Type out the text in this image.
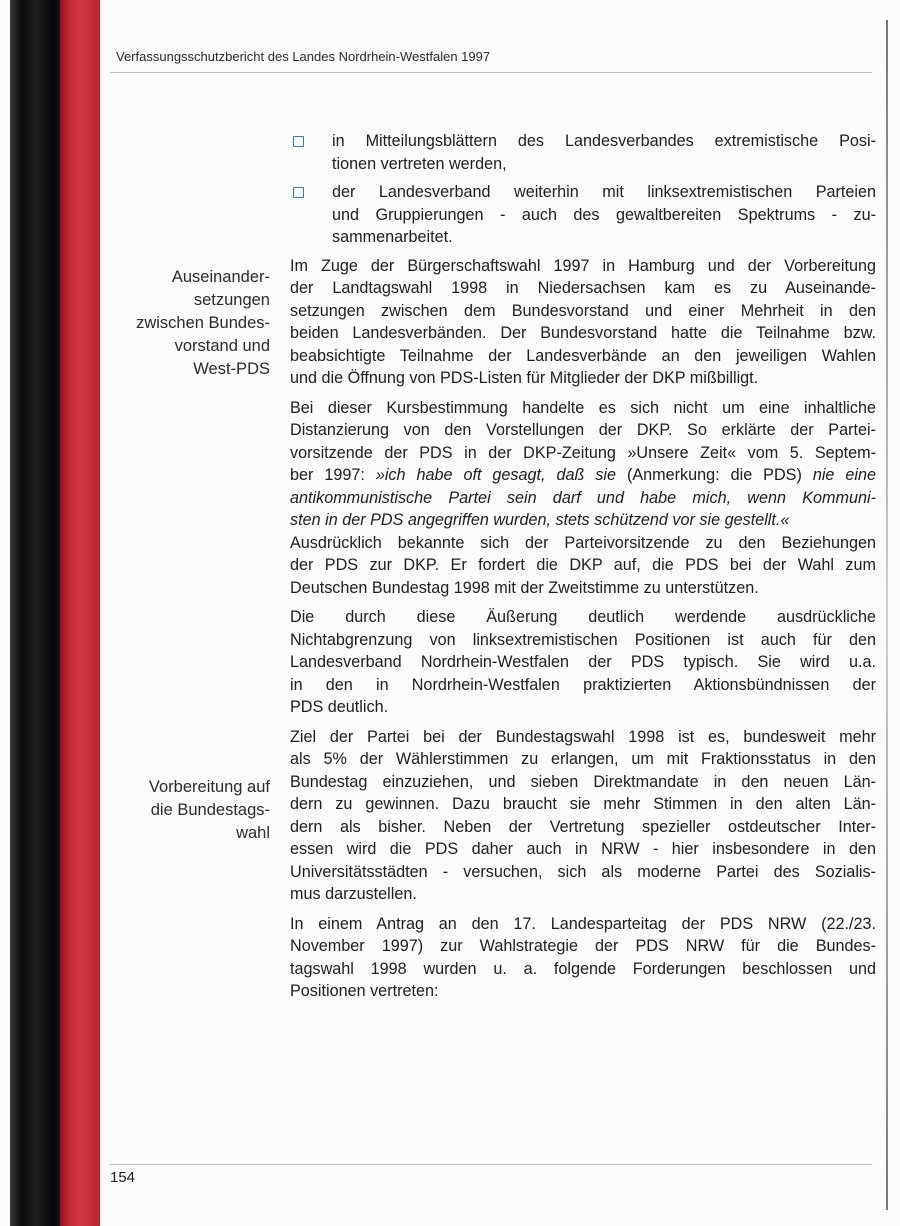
Verfassungsschutzbericht des Landes Nordrhein-Westfalen 1997
Auseinander-
setzungen
zwischen Bundes-
vorstand und
West-PDS
Vorbereitung auf
die Bundestags-
wahl
in Mitteilungsblättern des Landesverbandes extremistische Posi-
tionen vertreten werden,
der Landesverband weiterhin mit linksextremistischen Parteien
und Gruppierungen - auch des gewaltbereiten Spektrums - zu-
sammenarbeitet.

Im Zuge der Bürgerschaftswahl 1997 in Hamburg und der Vorbereitung
der Landtagswahl 1998 in Niedersachsen kam es zu Auseinande-
setzungen zwischen dem Bundesvorstand und einer Mehrheit in den
beiden Landesverbänden. Der Bundesvorstand hatte die Teilnahme bzw.
beabsichtigte Teilnahme der Landesverbände an den jeweiligen Wahlen
und die Öffnung von PDS-Listen für Mitglieder der DKP mißbilligt.

Bei dieser Kursbestimmung handelte es sich nicht um eine inhaltliche
Distanzierung von den Vorstellungen der DKP. So erklärte der Partei-
vorsitzende der PDS in der DKP-Zeitung »Unsere Zeit« vom 5. Septem-
ber 1997: »ich habe oft gesagt, daß sie (Anmerkung: die PDS) nie eine
antikommunistische Partei sein darf und habe mich, wenn Kommuni-
sten in der PDS angegriffen wurden, stets schützend vor sie gestellt.«
Ausdrücklich bekannte sich der Parteivorsitzende zu den Beziehungen
der PDS zur DKP. Er fordert die DKP auf, die PDS bei der Wahl zum
Deutschen Bundestag 1998 mit der Zweitstimme zu unterstützen.

Die durch diese Äußerung deutlich werdende ausdrückliche
Nichtabgrenzung von linksextremistischen Positionen ist auch für den
Landesverband Nordrhein-Westfalen der PDS typisch. Sie wird u.a.
in den in Nordrhein-Westfalen praktizierten Aktionsbündnissen der
PDS deutlich.

Ziel der Partei bei der Bundestagswahl 1998 ist es, bundesweit mehr
als 5% der Wählerstimmen zu erlangen, um mit Fraktionsstatus in den
Bundestag einzuziehen, und sieben Direktmandate in den neuen Län-
dern zu gewinnen. Dazu braucht sie mehr Stimmen in den alten Län-
dern als bisher. Neben der Vertretung spezieller ostdeutscher Inter-
essen wird die PDS daher auch in NRW - hier insbesondere in den
Universitätsstädten - versuchen, sich als moderne Partei des Sozialis-
mus darzustellen.

In einem Antrag an den 17. Landesparteitag der PDS NRW (22./23.
November 1997) zur Wahlstrategie der PDS NRW für die Bundes-
tagswahl 1998 wurden u. a. folgende Forderungen beschlossen und
Positionen vertreten:

154
